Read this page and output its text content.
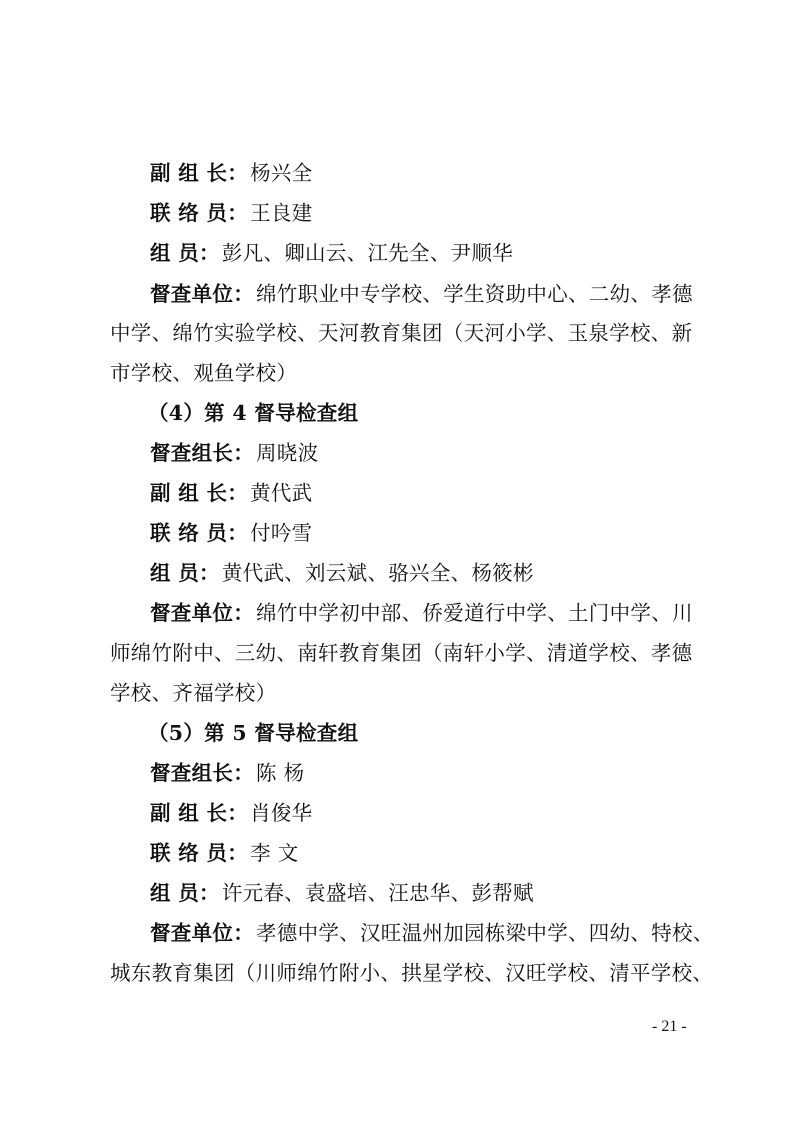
副 组 长：杨兴全
联 络 员：王良建
组 员：彭凡、卿山云、江先全、尹顺华
督查单位：绵竹职业中专学校、学生资助中心、二幼、孝德
中学、绵竹实验学校、天河教育集团（天河小学、玉泉学校、新
市学校、观鱼学校）
（4）第 4 督导检查组
督查组长：周晓波
副 组 长：黄代武
联 络 员：付吟雪
组 员：黄代武、刘云斌、骆兴全、杨筱彬
督查单位：绵竹中学初中部、侨爱道行中学、土门中学、川
师绵竹附中、三幼、南轩教育集团（南轩小学、清道学校、孝德
学校、齐福学校）
（5）第 5 督导检查组
督查组长：陈 杨
副 组 长：肖俊华
联 络 员：李 文
组 员：许元春、袁盛培、汪忠华、彭帮赋
督查单位：孝德中学、汉旺温州加园栋梁中学、四幼、特校、
城东教育集团（川师绵竹附小、拱星学校、汉旺学校、清平学校、
- 21 -
